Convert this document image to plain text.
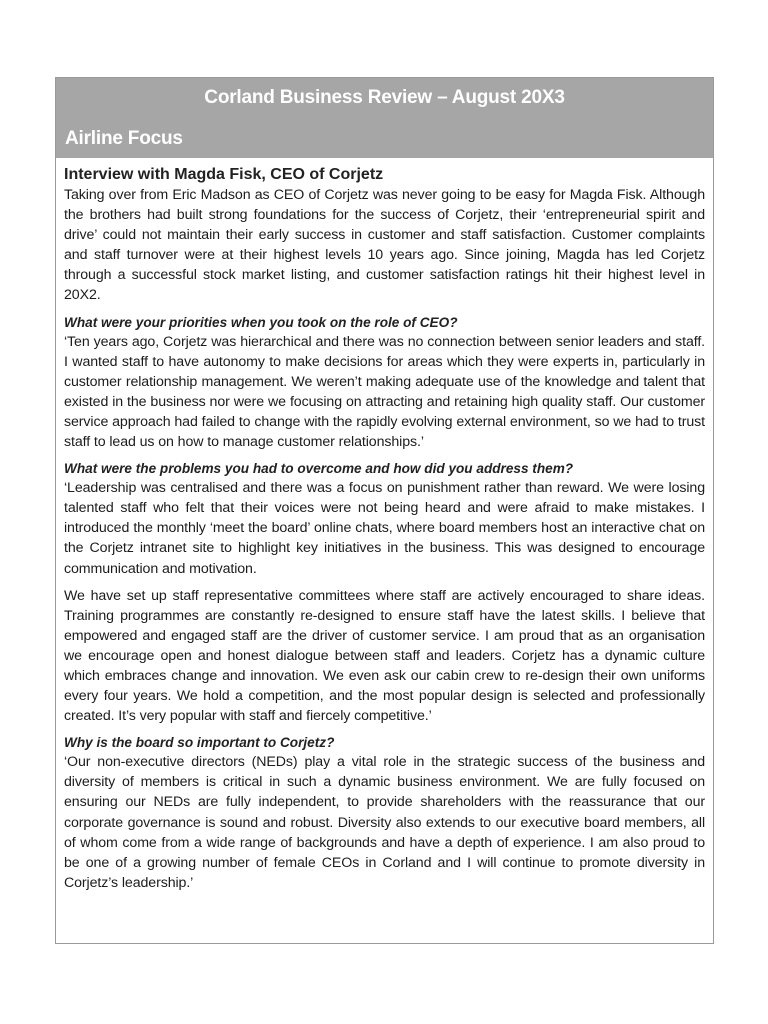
Corland Business Review – August 20X3
Airline Focus
Interview with Magda Fisk, CEO of Corjetz

Taking over from Eric Madson as CEO of Corjetz was never going to be easy for Magda Fisk. Although the brothers had built strong foundations for the success of Corjetz, their ‘entrepreneurial spirit and drive’ could not maintain their early success in customer and staff satisfaction. Customer complaints and staff turnover were at their highest levels 10 years ago. Since joining, Magda has led Corjetz through a successful stock market listing, and customer satisfaction ratings hit their highest level in 20X2.

What were your priorities when you took on the role of CEO?

‘Ten years ago, Corjetz was hierarchical and there was no connection between senior leaders and staff. I wanted staff to have autonomy to make decisions for areas which they were experts in, particularly in customer relationship management. We weren’t making adequate use of the knowledge and talent that existed in the business nor were we focusing on attracting and retaining high quality staff. Our customer service approach had failed to change with the rapidly evolving external environment, so we had to trust staff to lead us on how to manage customer relationships.’

What were the problems you had to overcome and how did you address them?

‘Leadership was centralised and there was a focus on punishment rather than reward. We were losing talented staff who felt that their voices were not being heard and were afraid to make mistakes. I introduced the monthly ‘meet the board’ online chats, where board members host an interactive chat on the Corjetz intranet site to highlight key initiatives in the business. This was designed to encourage communication and motivation.

We have set up staff representative committees where staff are actively encouraged to share ideas. Training programmes are constantly re-designed to ensure staff have the latest skills. I believe that empowered and engaged staff are the driver of customer service. I am proud that as an organisation we encourage open and honest dialogue between staff and leaders. Corjetz has a dynamic culture which embraces change and innovation. We even ask our cabin crew to re-design their own uniforms every four years. We hold a competition, and the most popular design is selected and professionally created. It’s very popular with staff and fiercely competitive.’

Why is the board so important to Corjetz?

‘Our non-executive directors (NEDs) play a vital role in the strategic success of the business and diversity of members is critical in such a dynamic business environment. We are fully focused on ensuring our NEDs are fully independent, to provide shareholders with the reassurance that our corporate governance is sound and robust. Diversity also extends to our executive board members, all of whom come from a wide range of backgrounds and have a depth of experience. I am also proud to be one of a growing number of female CEOs in Corland and I will continue to promote diversity in Corjetz’s leadership.’
